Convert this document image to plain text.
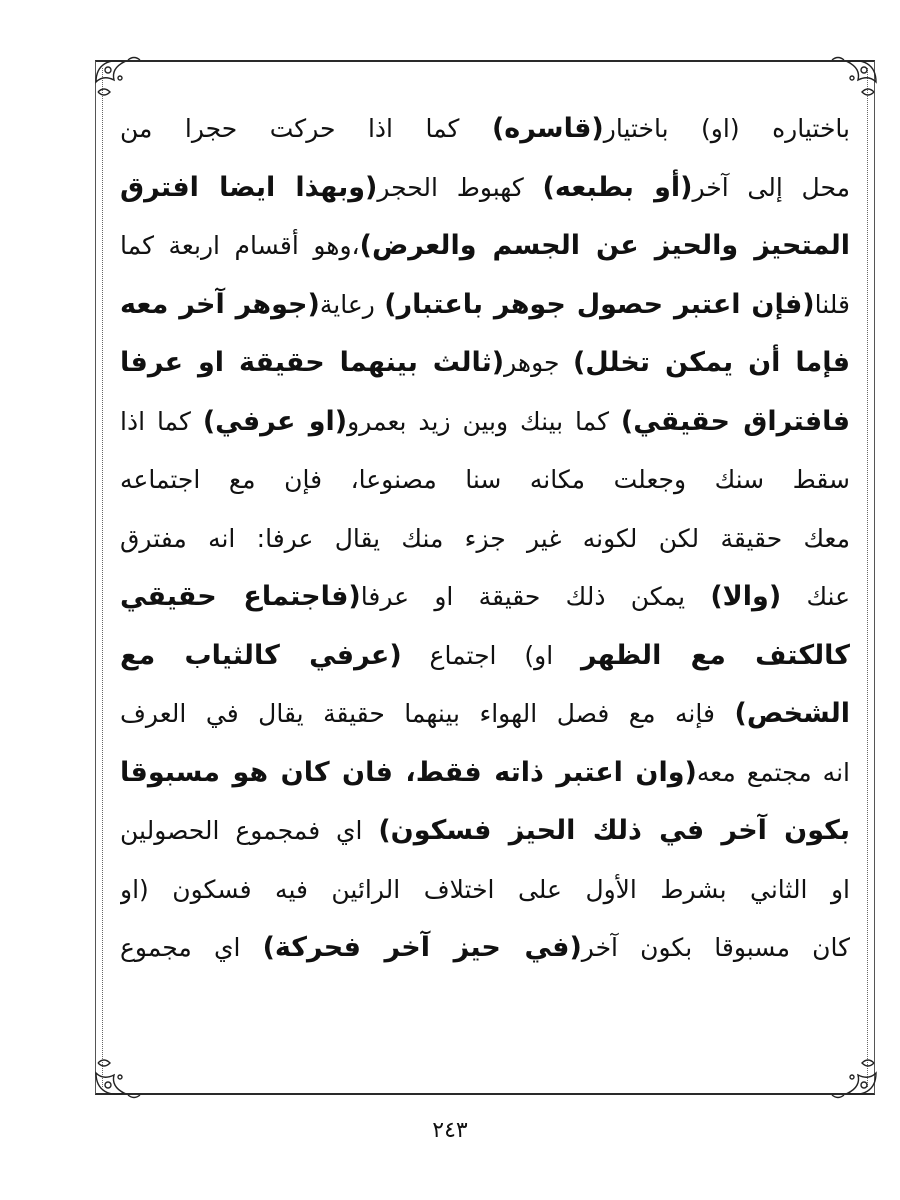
باختياره (او) باختيار(قاسره) كما اذا حركت حجرا من
محل إلى آخر(أو بطبعه) كهبوط الحجر(وبهذا ايضا افترق
المتحيز والحيز عن الجسم والعرض)،وهو أقسام اربعة كما
قلنا(فإن اعتبر حصول جوهر باعتبار) رعاية(جوهر آخر معه
فإما أن يمكن تخلل) جوهر(ثالث بينهما حقيقة او عرفا
فافتراق حقيقي) كما بينك وبين زيد بعمرو(او عرفي) كما اذا
سقط سنك وجعلت مكانه سنا مصنوعا، فإن مع اجتماعه
معك حقيقة لكن لكونه غير جزء منك يقال عرفا: انه مفترق
عنك (والا) يمكن ذلك حقيقة او عرفا(فاجتماع حقيقي
كالكتف مع الظهر او) اجتماع (عرفي كالثياب مع
الشخص) فإنه مع فصل الهواء بينهما حقيقة يقال في العرف
انه مجتمع معه(وان اعتبر ذاته فقط، فان كان هو مسبوقا
بكون آخر في ذلك الحيز فسكون) اي فمجموع الحصولين
او الثاني بشرط الأول على اختلاف الرائين فيه فسكون (او
كان مسبوقا بكون آخر(في حيز آخر فحركة) اي مجموع
٢٤٣
